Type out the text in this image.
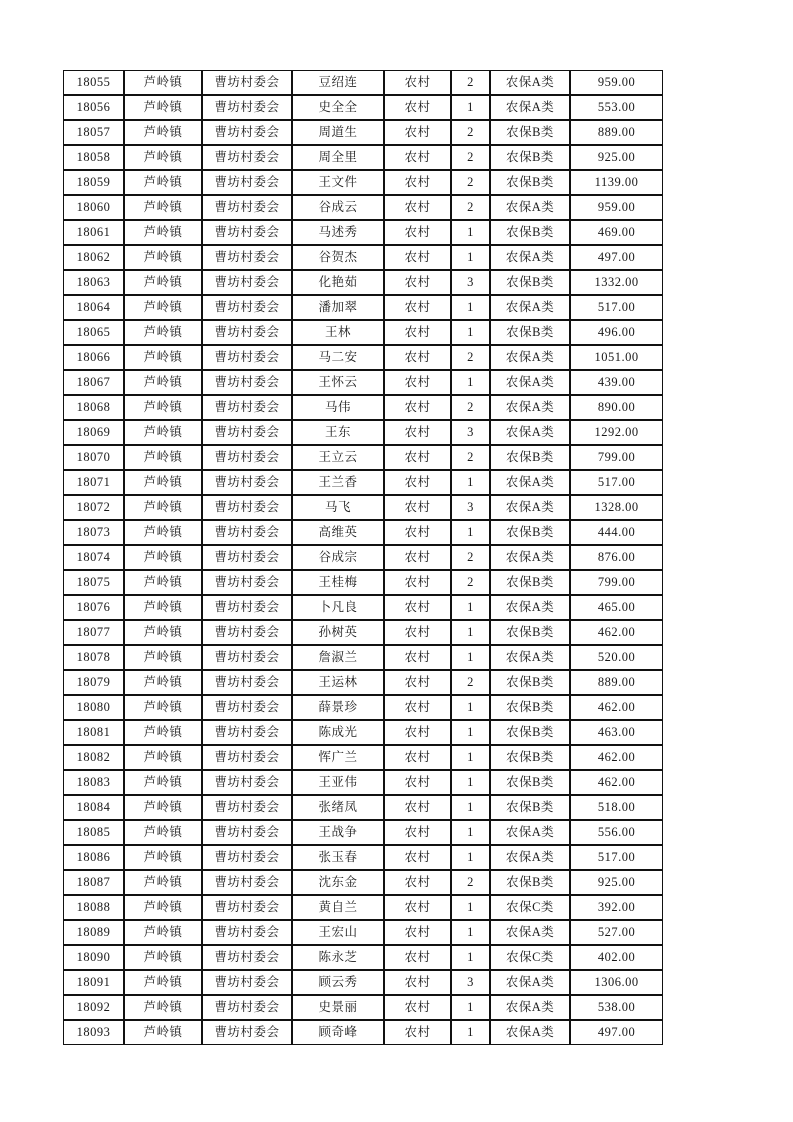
18055	芦岭镇	曹坊村委会	豆绍连	农村	2	农保A类	959.00
18056	芦岭镇	曹坊村委会	史全全	农村	1	农保A类	553.00
18057	芦岭镇	曹坊村委会	周道生	农村	2	农保B类	889.00
18058	芦岭镇	曹坊村委会	周全里	农村	2	农保B类	925.00
18059	芦岭镇	曹坊村委会	王文件	农村	2	农保B类	1139.00
18060	芦岭镇	曹坊村委会	谷成云	农村	2	农保A类	959.00
18061	芦岭镇	曹坊村委会	马述秀	农村	1	农保B类	469.00
18062	芦岭镇	曹坊村委会	谷贺杰	农村	1	农保A类	497.00
18063	芦岭镇	曹坊村委会	化艳茹	农村	3	农保B类	1332.00
18064	芦岭镇	曹坊村委会	潘加翠	农村	1	农保A类	517.00
18065	芦岭镇	曹坊村委会	王林	农村	1	农保B类	496.00
18066	芦岭镇	曹坊村委会	马二安	农村	2	农保A类	1051.00
18067	芦岭镇	曹坊村委会	王怀云	农村	1	农保A类	439.00
18068	芦岭镇	曹坊村委会	马伟	农村	2	农保A类	890.00
18069	芦岭镇	曹坊村委会	王东	农村	3	农保A类	1292.00
18070	芦岭镇	曹坊村委会	王立云	农村	2	农保B类	799.00
18071	芦岭镇	曹坊村委会	王兰香	农村	1	农保A类	517.00
18072	芦岭镇	曹坊村委会	马飞	农村	3	农保A类	1328.00
18073	芦岭镇	曹坊村委会	高维英	农村	1	农保B类	444.00
18074	芦岭镇	曹坊村委会	谷成宗	农村	2	农保A类	876.00
18075	芦岭镇	曹坊村委会	王桂梅	农村	2	农保B类	799.00
18076	芦岭镇	曹坊村委会	卜凡良	农村	1	农保A类	465.00
18077	芦岭镇	曹坊村委会	孙树英	农村	1	农保B类	462.00
18078	芦岭镇	曹坊村委会	詹淑兰	农村	1	农保A类	520.00
18079	芦岭镇	曹坊村委会	王运林	农村	2	农保B类	889.00
18080	芦岭镇	曹坊村委会	薛景珍	农村	1	农保B类	462.00
18081	芦岭镇	曹坊村委会	陈成光	农村	1	农保B类	463.00
18082	芦岭镇	曹坊村委会	恽广兰	农村	1	农保B类	462.00
18083	芦岭镇	曹坊村委会	王亚伟	农村	1	农保B类	462.00
18084	芦岭镇	曹坊村委会	张绪凤	农村	1	农保B类	518.00
18085	芦岭镇	曹坊村委会	王战争	农村	1	农保A类	556.00
18086	芦岭镇	曹坊村委会	张玉春	农村	1	农保A类	517.00
18087	芦岭镇	曹坊村委会	沈东金	农村	2	农保B类	925.00
18088	芦岭镇	曹坊村委会	黄自兰	农村	1	农保C类	392.00
18089	芦岭镇	曹坊村委会	王宏山	农村	1	农保A类	527.00
18090	芦岭镇	曹坊村委会	陈永芝	农村	1	农保C类	402.00
18091	芦岭镇	曹坊村委会	顾云秀	农村	3	农保A类	1306.00
18092	芦岭镇	曹坊村委会	史景丽	农村	1	农保A类	538.00
18093	芦岭镇	曹坊村委会	顾奇峰	农村	1	农保A类	497.00
